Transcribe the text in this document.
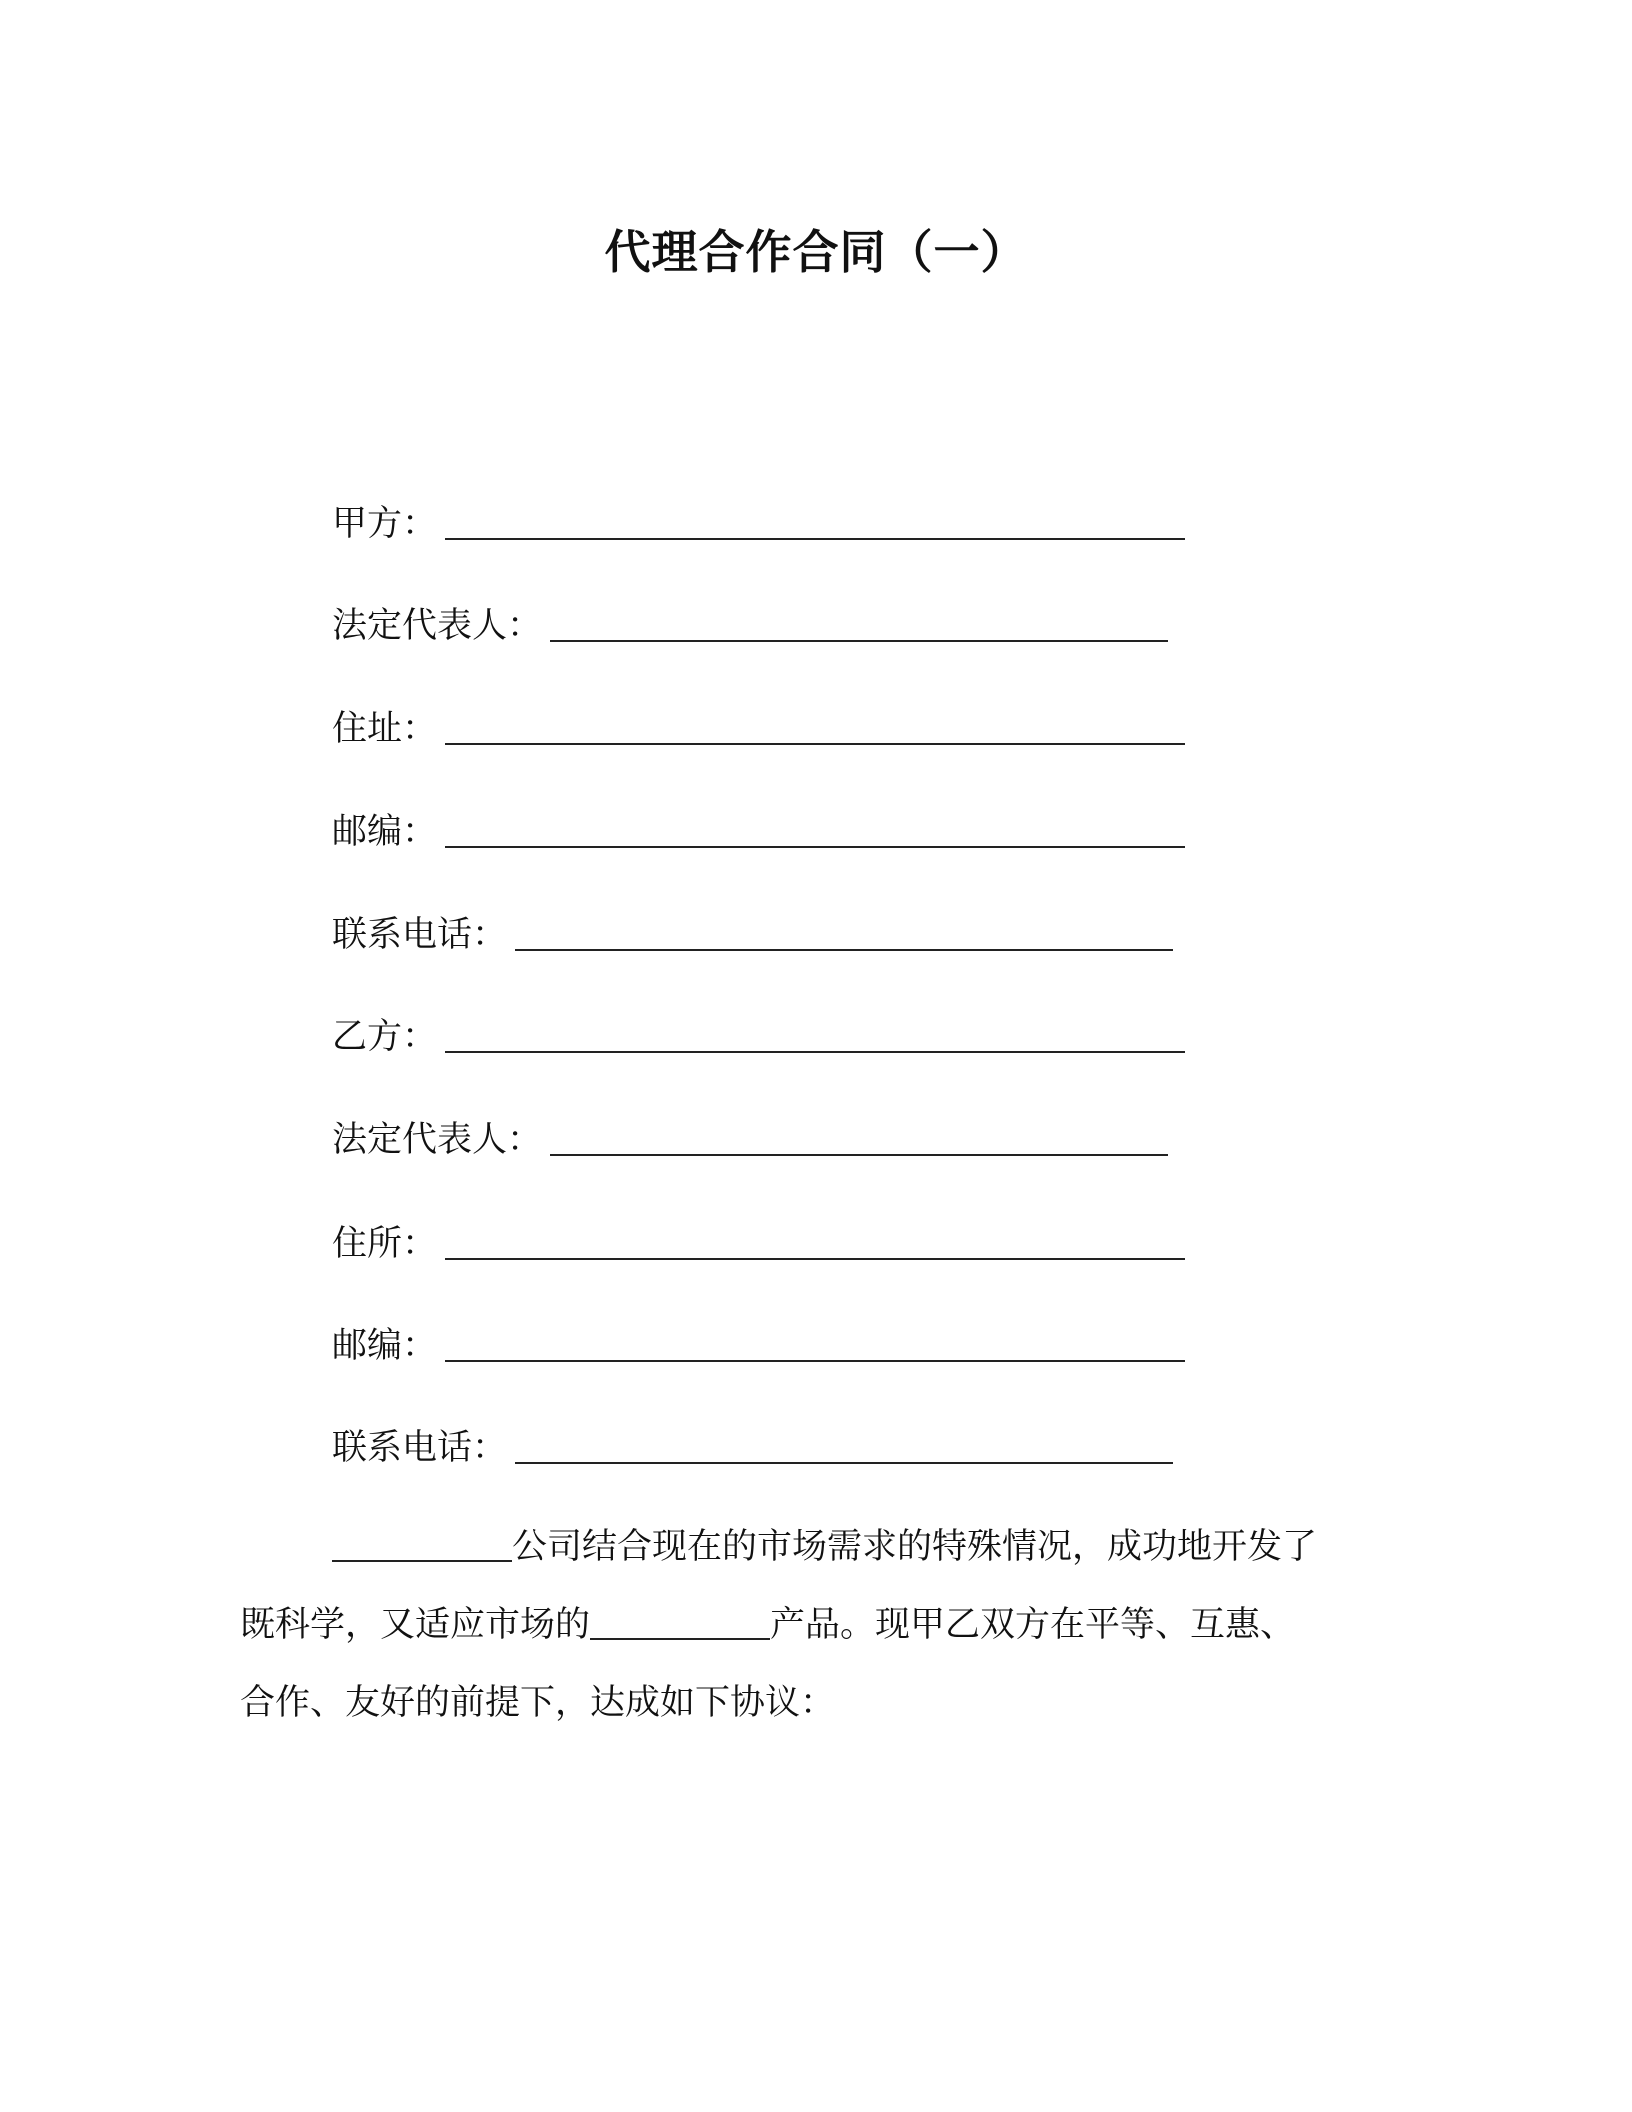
代理合作合同（一）
甲方：
法定代表人：
住址：
邮编：
联系电话：
乙方：
法定代表人：
住所：
邮编：
联系电话：
公司结合现在的市场需求的特殊情况，成功地开发了
既科学，又适应市场的	产品。现甲乙双方在平等、互惠、
合作、友好的前提下，达成如下协议：
